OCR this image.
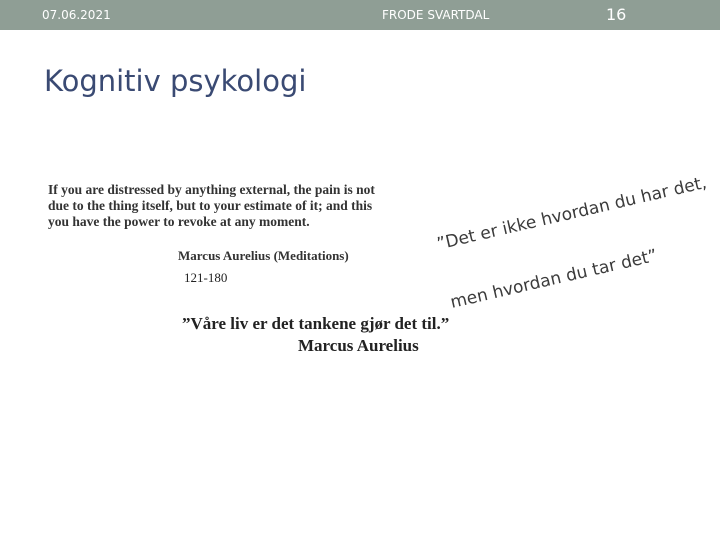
07.06.2021	FRODE SVARTDAL	16
Kognitiv psykologi
If you are distressed by anything external, the pain is not due to the thing itself, but to your estimate of it; and this you have the power to revoke at any moment.
Marcus Aurelius (Meditations)
121-180
”Våre liv er det tankene gjør det til.”
Marcus Aurelius

”Det er ikke hvordan du har det,

men hvordan du tar det”
